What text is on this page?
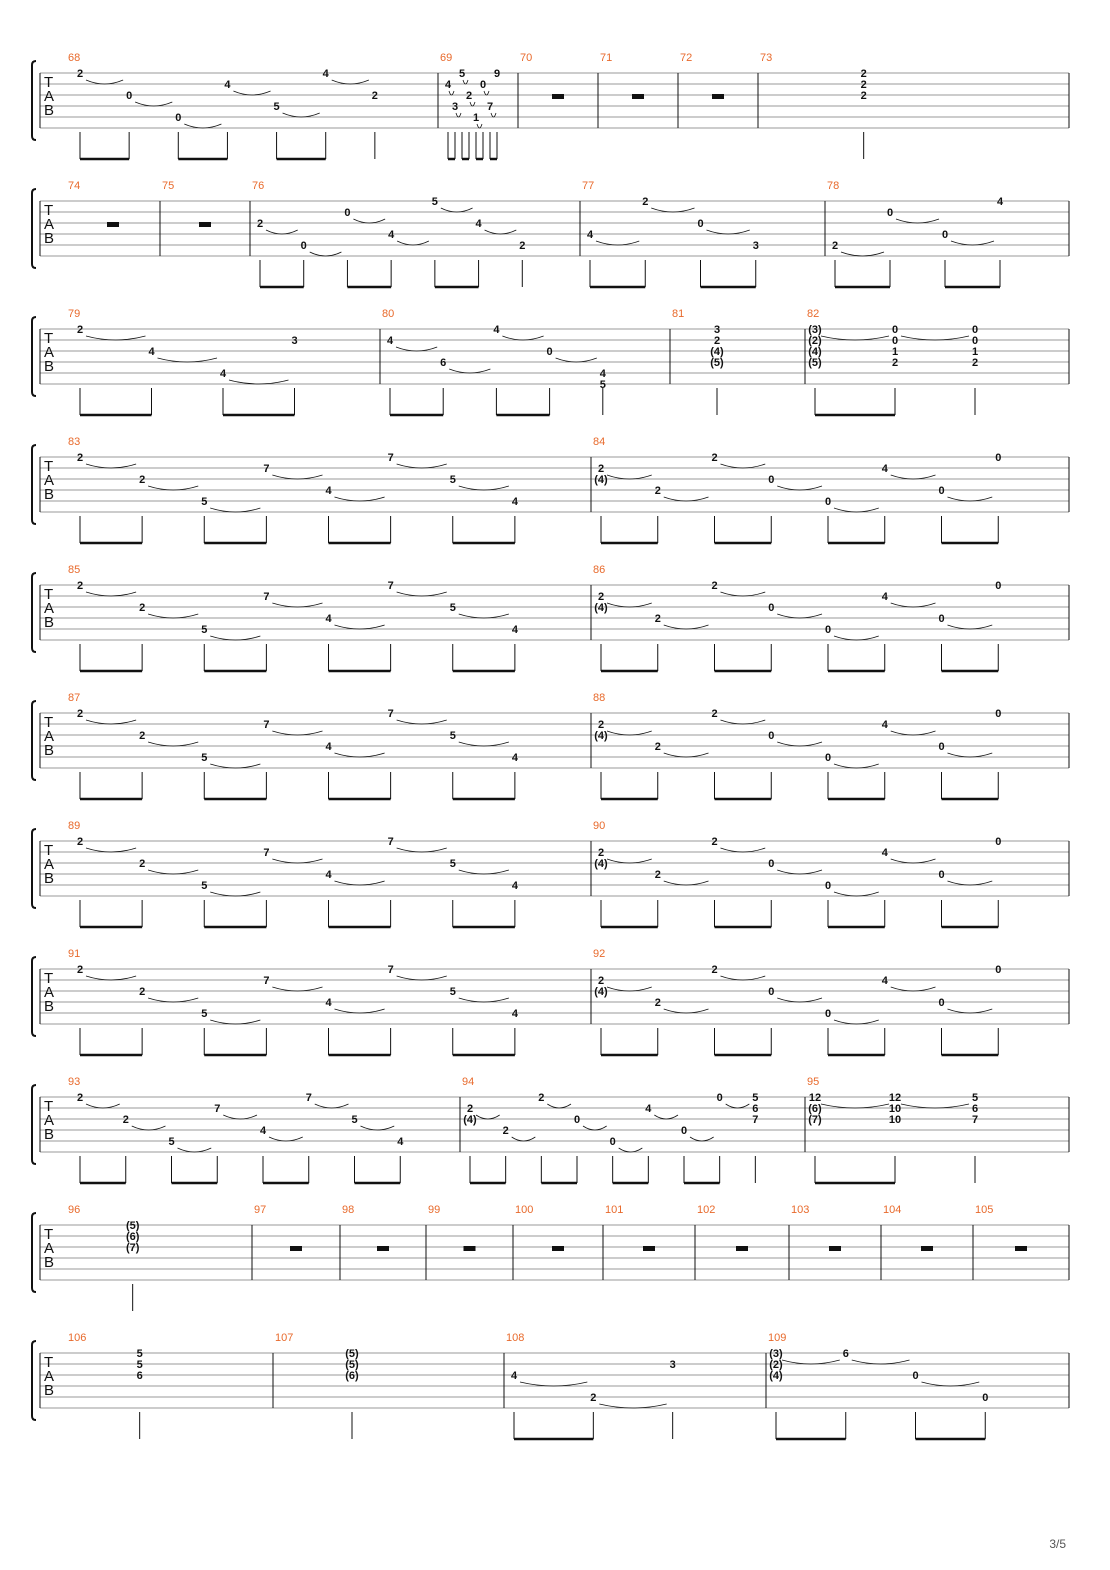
T
A
B
68
2
0
0
4
5
4
2
69
4
3
5
2
1
0
7
9
70	71	72	73
2
2
2
T
A
B
74	75	76
2
0
0
4
5
4
2
77
4
2
0
3
78
2
0
0
4
T
A
B
79
2
4
4
3
80
4
6
4
0
4
5
81
3
2
(4)
(5)
82
(3)
(2)
(4)
(5)
0
0
1
2
0
0
1
2
T
A
B
83
2
2
5
7
4
7
5
4
84
2
(4)
2
2
0
0
4
0
0
T
A
B
85
2
2
5
7
4
7
5
4
86
2
(4)
2
2
0
0
4
0
0
T
A
B
87
2
2
5
7
4
7
5
4
88
2
(4)
2
2
0
0
4
0
0
T
A
B
89
2
2
5
7
4
7
5
4
90
2
(4)
2
2
0
0
4
0
0
T
A
B
91
2
2
5
7
4
7
5
4
92
2
(4)
2
2
0
0
4
0
0
T
A
B
93
2
2
5
7
4
7
5
4
94
2
(4)
2
2
0
0
4
0
0	5
6
7
95
12
(6)
(7)
12
10
10
5
6
7
T
A
B
96
(5)
(6)
(7)
97	98	99	100	101	102	103	104	105
T
A
B
106
5
5
6
107
(5)
(5)
(6)
108
4
2
3
109
(3)
(2)
(4)
6
0
0
3/5
